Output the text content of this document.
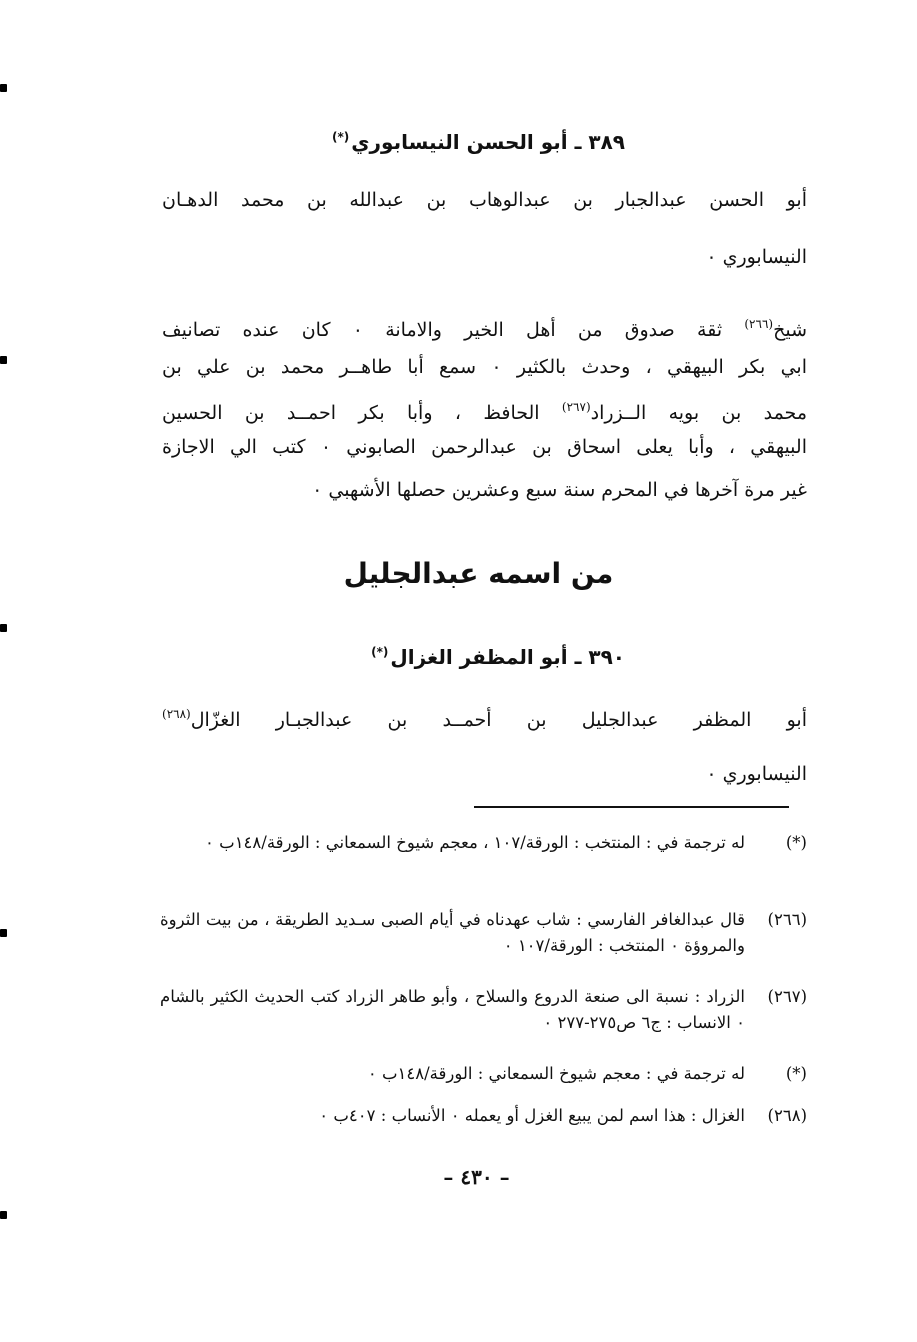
٣٨٩ ـ أبو الحسن النيسابوري(*)
أبو الحسن عبدالجبار بن عبدالوهاب بن عبدالله بن محمد الدهـان
النيسابوري ٠
شيخ$^{(٢٦٦)}$ ثقة صدوق من أهل الخير والامانة ٠ كان عنده تصانيف
ابي بكر البيهقي ، وحدث بالكثير ٠ سمع أبا طاهــر محمد بن علي بن
محمد بن بويه الــزراد$^{(٢٦٧)}$ الحافظ ، وأبا بكر احمــد بن الحسين
البيهقي ، وأبا يعلى اسحاق بن عبدالرحمن الصابوني ٠ كتب الي الاجازة
غير مرة آخرها في المحرم سنة سبع وعشرين حصلها الأشهبي ٠
من اسمه عبدالجليل
٣٩٠ ـ أبو المظفر الغزال(*)
أبو المظفر عبدالجليل بن أحمــد بن عبدالجبـار الغزّال$^{(٢٦٨)}$
النيسابوري ٠
(*)
له ترجمة في : المنتخب : الورقة/١٠٧ ، معجم شيوخ السمعاني : الورقة/١٤٨ب ٠
(٢٦٦)
قال عبدالغافر الفارسي : شاب عهدناه في أيام الصبى سـديد الطريقة ، من بيت الثروة والمروؤة ٠ المنتخب : الورقة/١٠٧ ٠
(٢٦٧)
الزراد : نسبة الى صنعة الدروع والسلاح ، وأبو طاهر الزراد كتب الحديث الكثير بالشام ٠ الانساب : ج٦ ص٢٧٥-٢٧٧ ٠
(*)
له ترجمة في : معجم شيوخ السمعاني : الورقة/١٤٨ب ٠
(٢٦٨)
الغزال : هذا اسم لمن يبيع الغزل أو يعمله ٠ الأنساب : ٤٠٧ب ٠
– ٤٣٠ –
